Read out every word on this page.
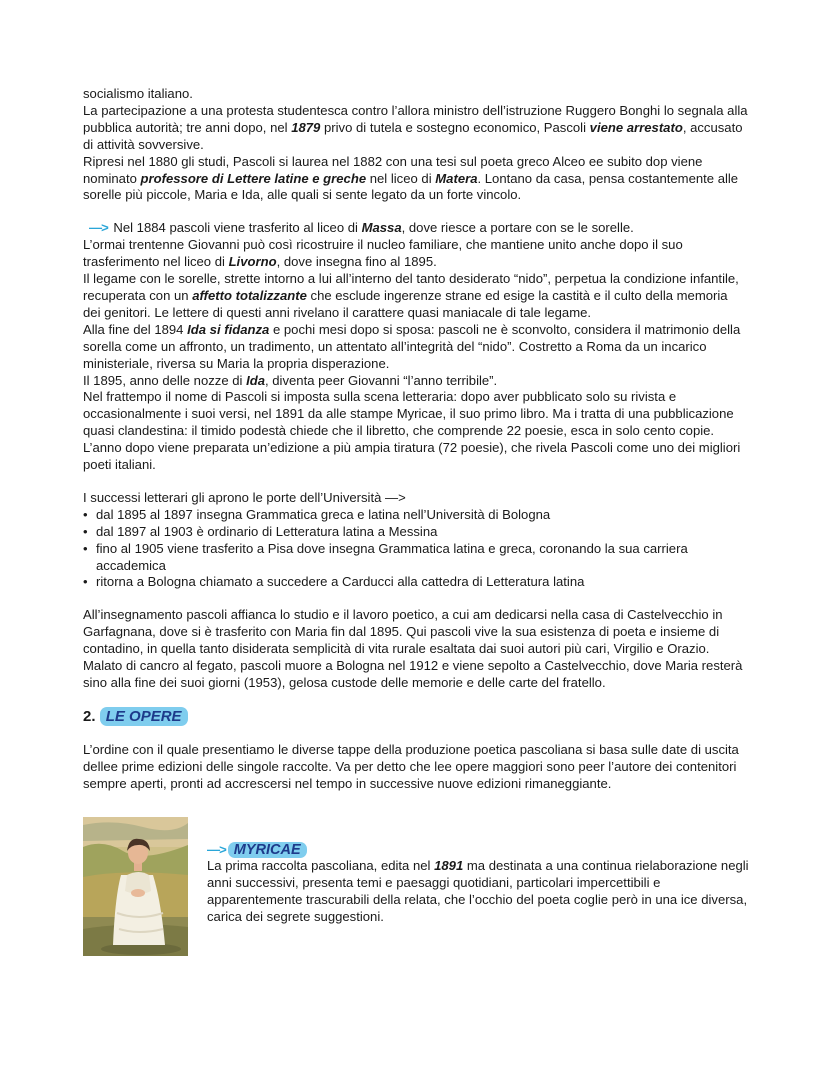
socialismo italiano.
La partecipazione a una protesta studentesca contro l’allora ministro dell’istruzione Ruggero Bonghi lo segnala alla pubblica autorità; tre anni dopo, nel 1879 privo di tutela e sostegno economico, Pascoli viene arrestato, accusato di attività sovversive.
Ripresi nel 1880 gli studi, Pascoli si laurea nel 1882 con una tesi sul poeta greco Alceo ee subito dop viene nominato professore di Lettere latine e greche nel liceo di Matera. Lontano da casa, pensa costantemente alle sorelle più piccole, Maria e Ida, alle quali si sente legato da un forte vincolo.

—> Nel 1884 pascoli viene trasferito al liceo di Massa, dove riesce a portare con se le sorelle.
L’ormai trentenne Giovanni può così ricostruire il nucleo familiare, che mantiene unito anche dopo il suo trasferimento nel liceo di Livorno, dove insegna fino al 1895.
Il legame con le sorelle, strette intorno a lui all’interno del tanto desiderato “nido”, perpetua la condizione infantile, recuperata con un affetto totalizzante che esclude ingerenze strane ed esige la castità e il culto della memoria dei genitori. Le lettere di questi anni rivelano il carattere quasi maniacale di tale legame.
Alla fine del 1894 Ida si fidanza e pochi mesi dopo si sposa: pascoli ne è sconvolto, considera il matrimonio della sorella come un affronto, un tradimento, un attentato all’integrità del “nido”. Costretto a Roma da un incarico ministeriale, riversa su Maria la propria disperazione.
Il 1895, anno delle nozze di Ida, diventa peer Giovanni “l’anno terribile”.
Nel frattempo il nome di Pascoli si imposta sulla scena letteraria: dopo aver pubblicato solo su rivista e occasionalmente i suoi versi, nel 1891 da alle stampe Myricae, il suo primo libro. Ma i tratta di una pubblicazione quasi clandestina: il timido podestà chiede che il libretto, che comprende 22 poesie, esca in solo cento copie. L’anno dopo viene preparata un’edizione a più ampia tiratura (72 poesie), che rivela Pascoli come uno dei migliori poeti italiani.

I successi letterari gli aprono le porte dell’Università —>

• dal 1895 al 1897 insegna Grammatica greca e latina nell’Università di Bologna
• dal 1897 al 1903 è ordinario di Letteratura latina a Messina
• fino al 1905 viene trasferito a Pisa dove insegna Grammatica latina e greca, coronando la sua carriera accademica
• ritorna a Bologna chiamato a succedere a Carducci alla cattedra di Letteratura latina

All’insegnamento pascoli affianca lo studio e il lavoro poetico, a cui am dedicarsi nella casa di Castelvecchio in Garfagnana, dove si è trasferito con Maria fin dal 1895. Qui pascoli vive la sua esistenza di poeta e insieme di contadino, in quella tanto disiderata semplicità di vita rurale esaltata dai suoi autori più cari, Virgilio e Orazio. Malato di cancro al fegato, pascoli muore a Bologna nel 1912 e viene sepolto a Castelvecchio, dove Maria resterà sino alla fine dei suoi giorni (1953), gelosa custode delle memorie e delle carte del fratello.

2. LE OPERE

L’ordine con il quale presentiamo le diverse tappe della produzione poetica pascoliana si basa sulle date di uscita dellee prime edizioni delle singole raccolte. Va per detto che lee opere maggiori sono peer l’autore dei contenitori sempre aperti, pronti ad accrescersi nel tempo in successive nuove edizioni rimaneggiante.

—> MYRICAE

La prima raccolta pascoliana, edita nel 1891 ma destinata a una continua rielaborazione negli anni successivi, presenta temi e paesaggi quotidiani, particolari impercettibili e apparentemente trascurabili della relata, che l’occhio del poeta coglie però in una ice diversa, carica dei segrete suggestioni.
